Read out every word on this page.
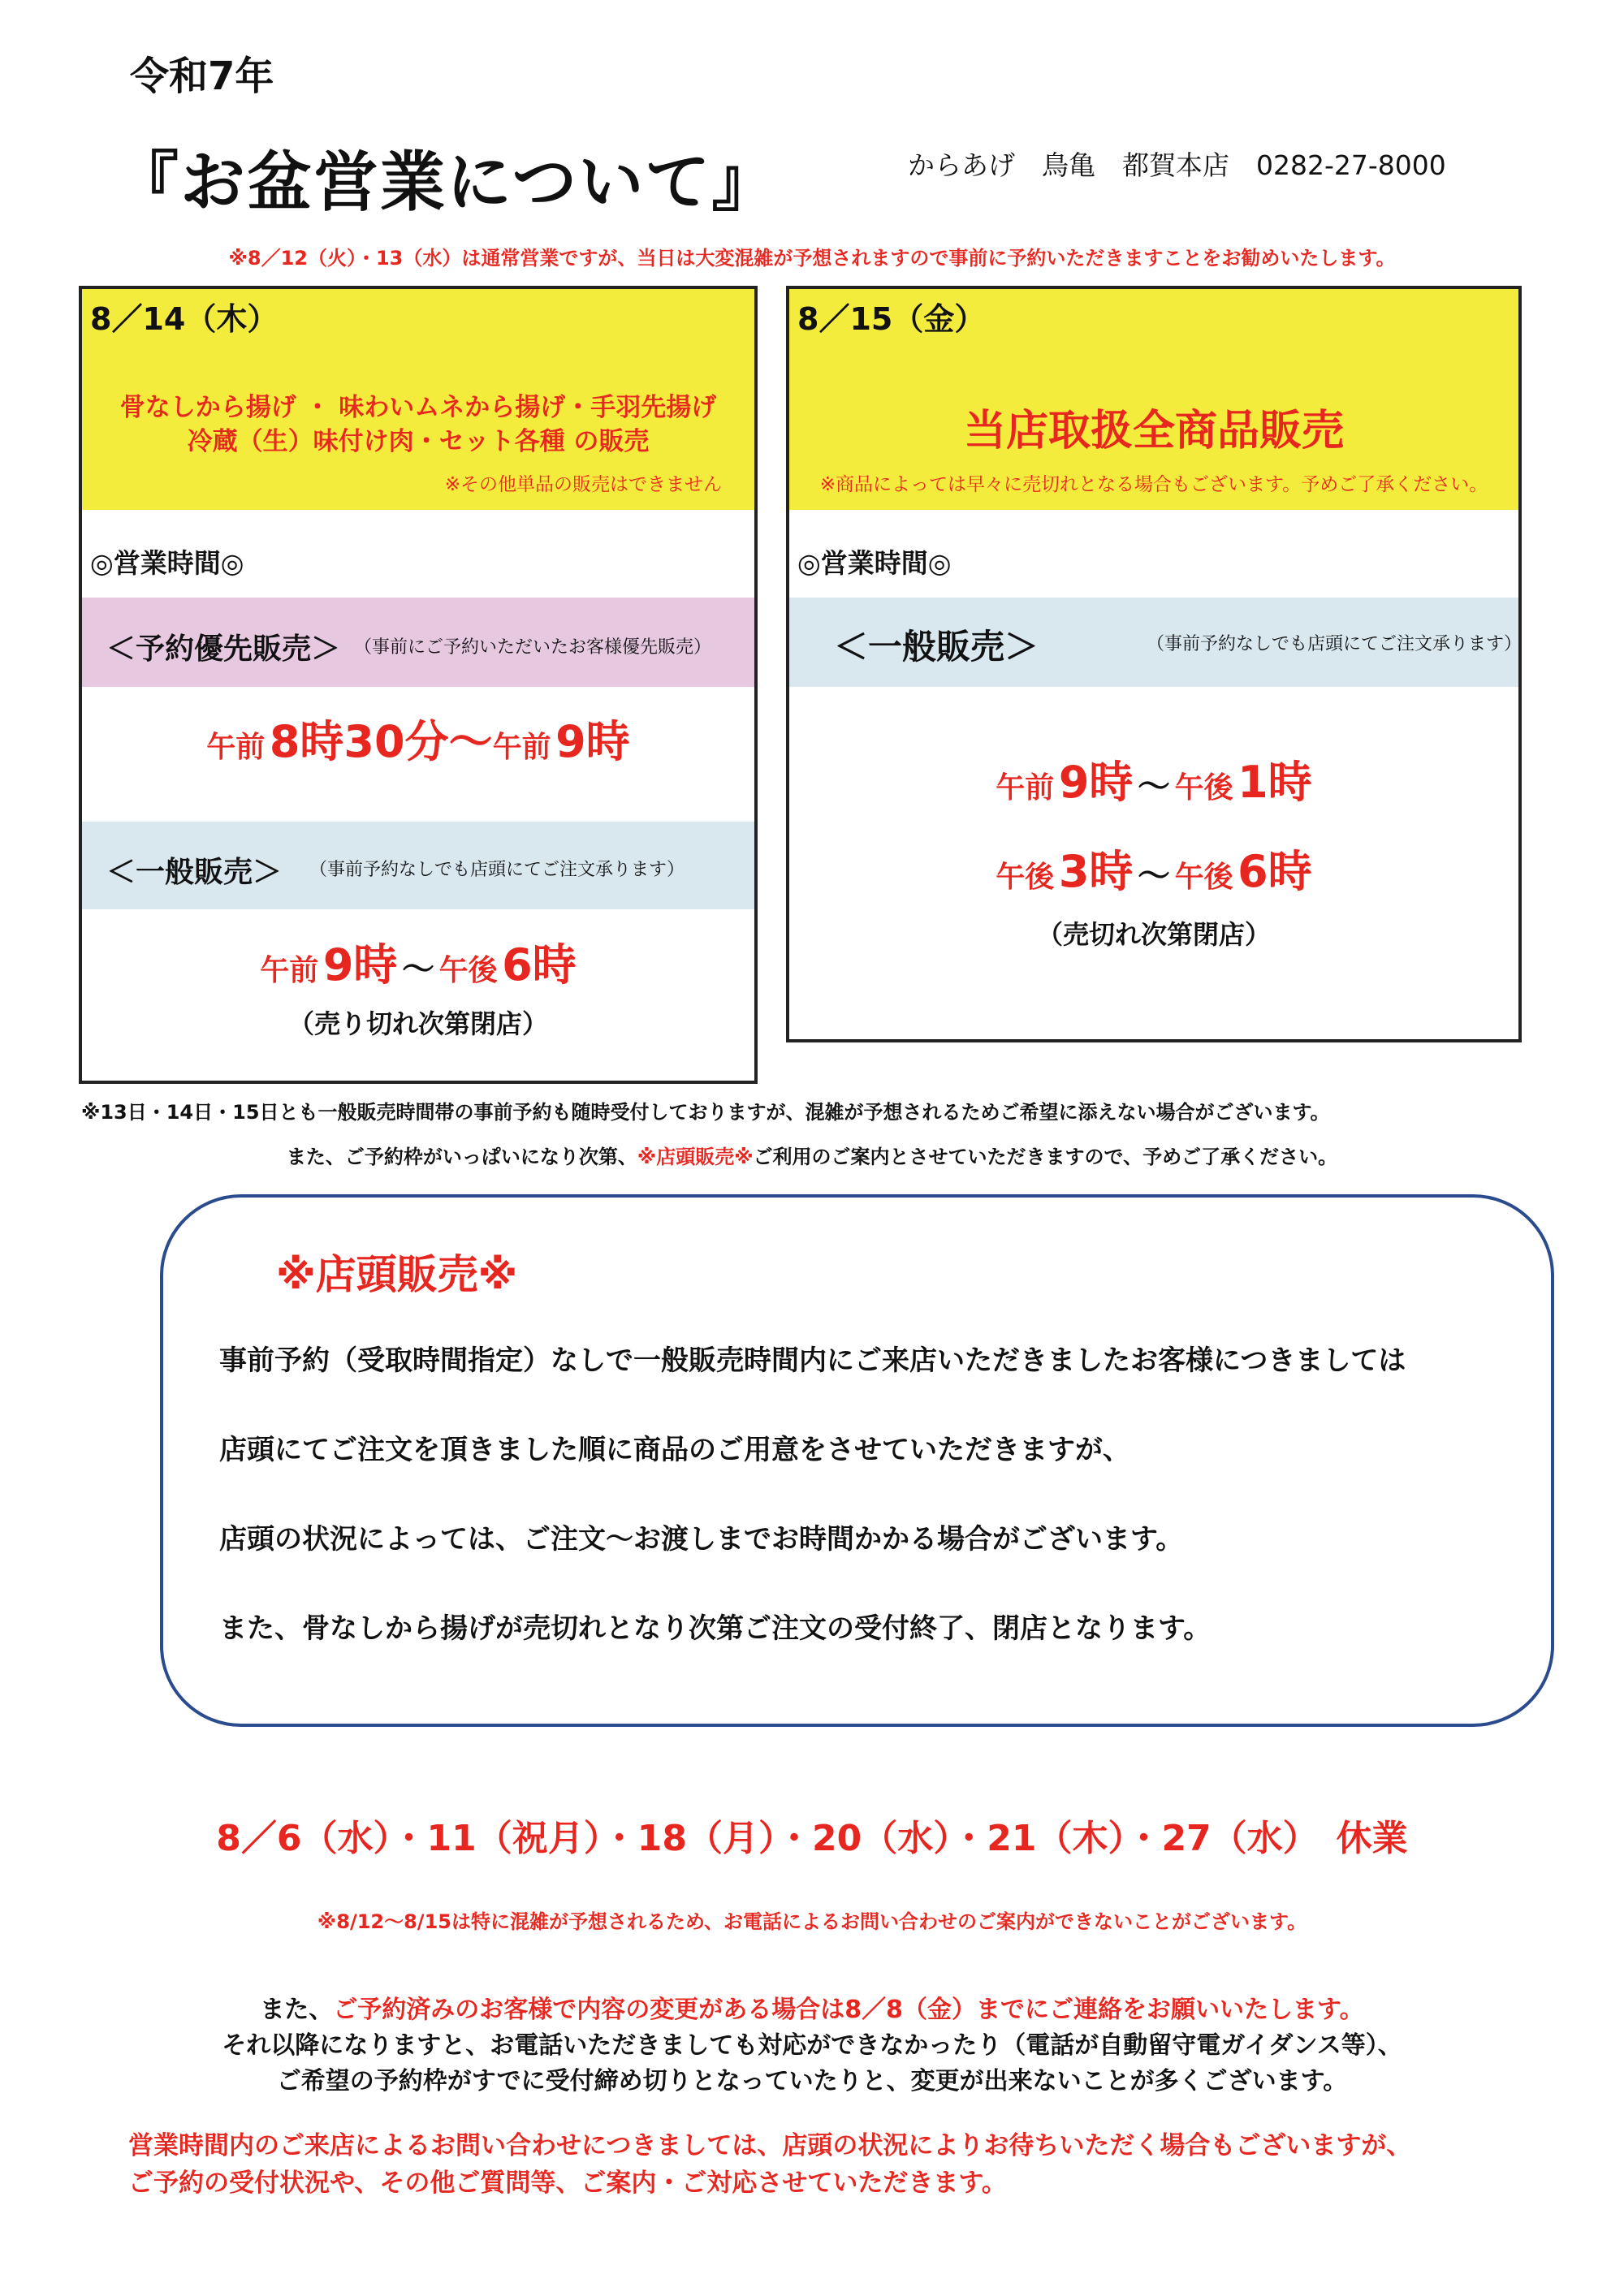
令和7年
『お盆営業について』	からあげ　鳥亀　都賀本店　0282-27-8000
※8／12（火）・13（水）は通常営業ですが、当日は大変混雑が予想されますので事前に予約いただきますことをお勧めいたします。
8／14（木）
骨なしから揚げ ・ 味わいムネから揚げ・手羽先揚げ
冷蔵（生）味付け肉・セット各種 の販売
※その他単品の販売はできません
◎営業時間◎
＜予約優先販売＞ （事前にご予約いただいたお客様優先販売）
午前 8時30分～午前 9時
＜一般販売＞ （事前予約なしでも店頭にてご注文承ります）
午前 9時 ～ 午後 6時
（売り切れ次第閉店）
8／15（金）
当店取扱全商品販売
※商品によっては早々に売切れとなる場合もございます。予めご了承ください。
◎営業時間◎
＜一般販売＞	（事前予約なしでも店頭にてご注文承ります）
午前 9時 ～ 午後 1時
午後 3時 ～ 午後 6時
（売切れ次第閉店）
※13日・14日・15日とも一般販売時間帯の事前予約も随時受付しておりますが、混雑が予想されるためご希望に添えない場合がございます。
また、ご予約枠がいっぱいになり次第、※店頭販売※ご利用のご案内とさせていただきますので、予めご了承ください。
※店頭販売※
事前予約（受取時間指定）なしで一般販売時間内にご来店いただきましたお客様につきましては
店頭にてご注文を頂きました順に商品のご用意をさせていただきますが、
店頭の状況によっては、ご注文～お渡しまでお時間かかる場合がございます。
また、骨なしから揚げが売切れとなり次第ご注文の受付終了、閉店となります。
8／6（水）・11（祝月）・18（月）・20（水）・21（木）・27（水）　休業
※8/12～8/15は特に混雑が予想されるため、お電話によるお問い合わせのご案内ができないことがございます。
また、ご予約済みのお客様で内容の変更がある場合は8／8（金）までにご連絡をお願いいたします。
それ以降になりますと、お電話いただきましても対応ができなかったり（電話が自動留守電ガイダンス等）、
ご希望の予約枠がすでに受付締め切りとなっていたりと、変更が出来ないことが多くございます。
営業時間内のご来店によるお問い合わせにつきましては、店頭の状況によりお待ちいただく場合もございますが、
ご予約の受付状況や、その他ご質問等、ご案内・ご対応させていただきます。
